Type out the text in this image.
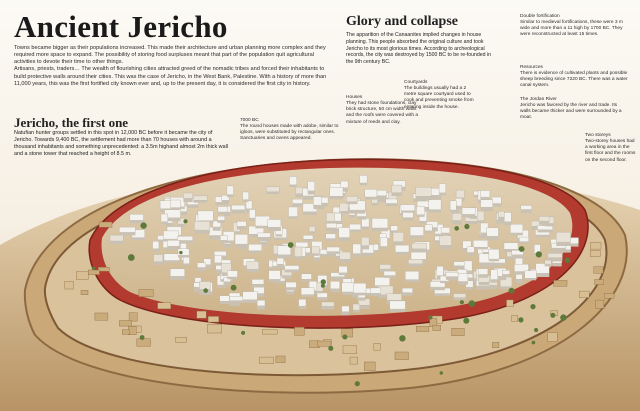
Ancient Jericho
Towns became bigger as their populations increased. This made their architecture and urban planning more complex and they required more space to expand. The possibility of storing food surpluses meant that part of the population quit agricultural activities to devote their time to other things.
Artisans, priests, traders… The wealth of flourishing cities attracted greed of the nomadic tribes and forced their inhabitants to build protective walls around their cities. This was the case of Jericho, in the West Bank, Palestine. With a history of more than 11,000 years, this was the first fortified city known ever and, up to the present day, it is considered the first city in history.
Jericho, the first one
Natufian hunter groups settled in this spot in 12,000 BC before it became the city of Jericho. Towards 9,400 BC, the settlement had more than 70 houses with around a thousand inhabitants and something unprecedented: a 3.5m highand almost 2m thick wall and a stone tower that reached a height of 8.5 m.
Glory and collapse
The apparition of the Canaanites implied changes in house planning. This people absorbed the original culture and took Jericho to its most glorious times. According to archeological records, the city was destroyed by 1500 BC to be re-founded in the 9th century BC.
7000 BC
The round houses made with adobe, similar to igloos, were substituted by rectangular ones. Sanctuaries and ovens appeared.
Houses
They had stone foundations, clay brick structure, 50 cm width walls and the roofs were covered with a mixture of reeds and clay.
Courtyards
The buildings usually had a 2 metre square courtyard used to cook and preventing smoke from entering inside the house.
Double fortification
Similar to medieval fortifications, these were 3 m wide and more than a 11 high by 1700 BC. They were reconstructed at least 15 times.
Resources
There is evidence of cultivated plants and possible sheep breeding since 7220 BC. There was a water canal system.
The Jordan River
Jericho was favored by the river and trade. Its walls became thicker and were surrounded by a moat.
Two storeys
Two-storey houses had a working area in the first floor and the rooms on the second floor.
